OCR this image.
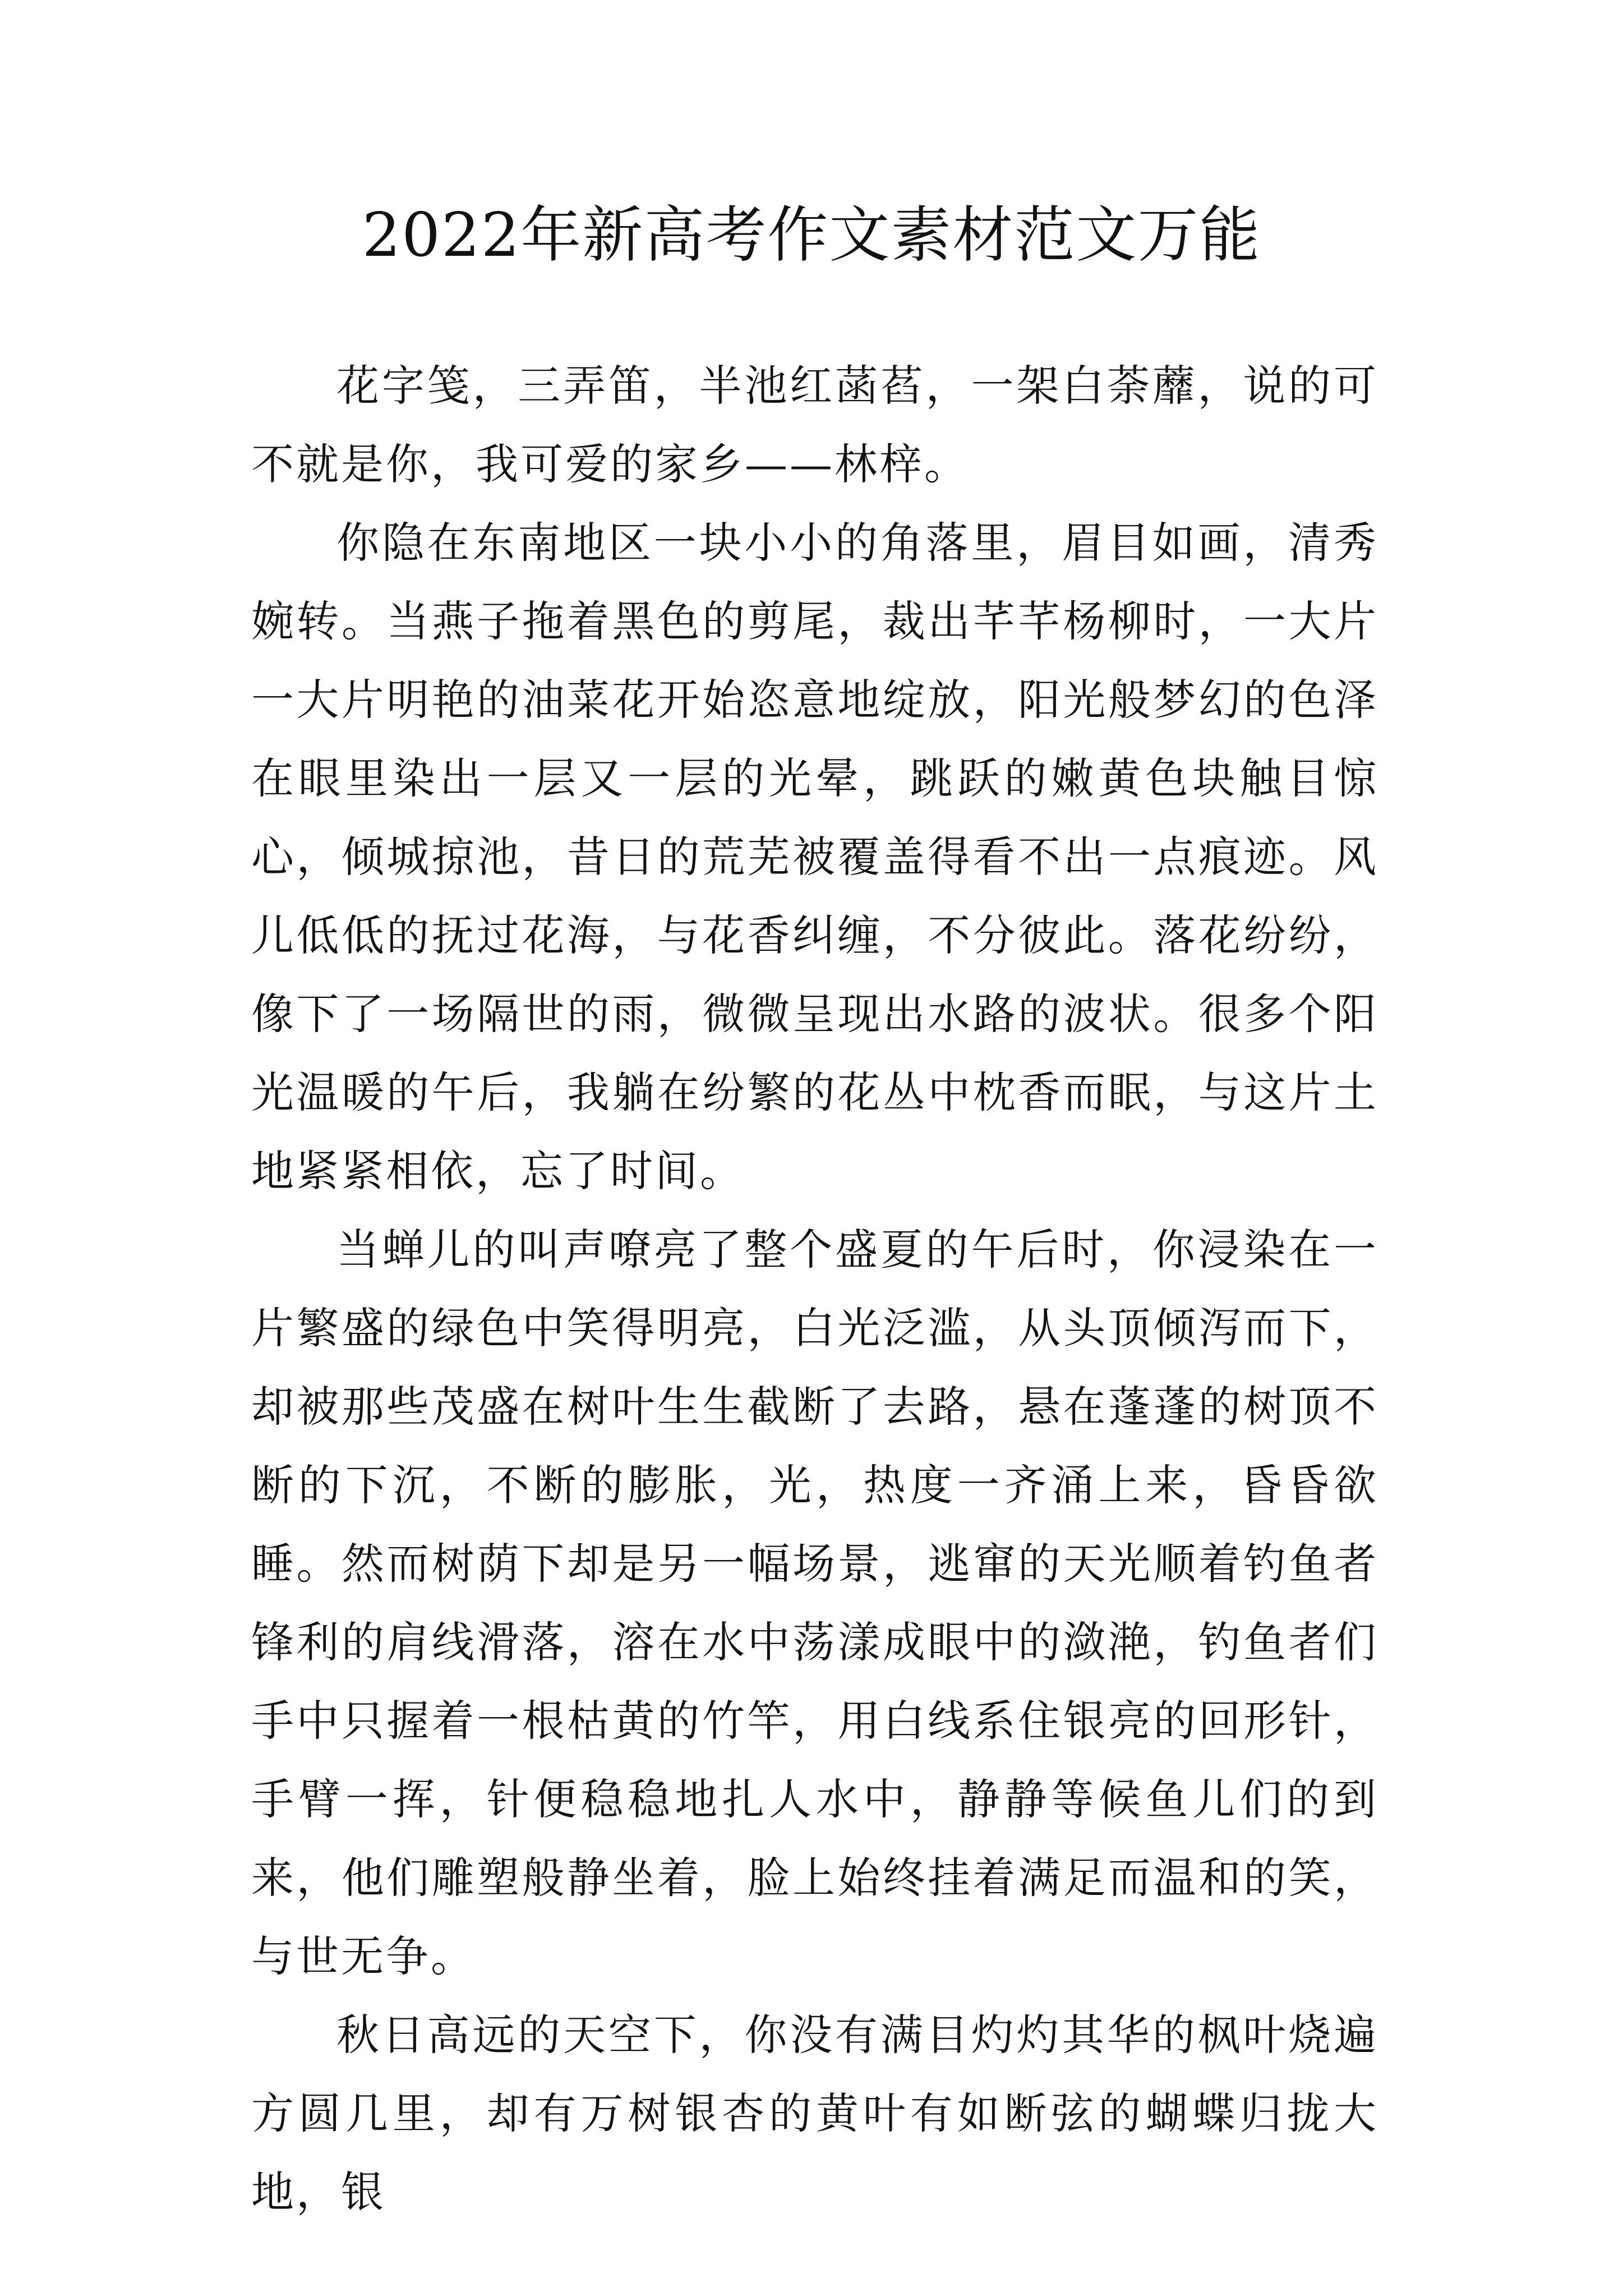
2022年新高考作文素材范文万能

花字笺，三弄笛，半池红菡萏，一架白荼蘼，说的可不就是你，我可爱的家乡——林梓。

你隐在东南地区一块小小的角落里，眉目如画，清秀婉转。当燕子拖着黑色的剪尾，裁出芊芊杨柳时，一大片一大片明艳的油菜花开始恣意地绽放，阳光般梦幻的色泽在眼里染出一层又一层的光晕，跳跃的嫩黄色块触目惊心，倾城掠池，昔日的荒芜被覆盖得看不出一点痕迹。风儿低低的抚过花海，与花香纠缠，不分彼此。落花纷纷，像下了一场隔世的雨，微微呈现出水路的波状。很多个阳光温暖的午后，我躺在纷繁的花丛中枕香而眠，与这片土地紧紧相依，忘了时间。

当蝉儿的叫声嘹亮了整个盛夏的午后时，你浸染在一片繁盛的绿色中笑得明亮，白光泛滥，从头顶倾泻而下，却被那些茂盛在树叶生生截断了去路，悬在蓬蓬的树顶不断的下沉，不断的膨胀，光，热度一齐涌上来，昏昏欲睡。然而树荫下却是另一幅场景，逃窜的天光顺着钓鱼者锋利的肩线滑落，溶在水中荡漾成眼中的潋滟，钓鱼者们手中只握着一根枯黄的竹竿，用白线系住银亮的回形针，手臂一挥，针便稳稳地扎人水中，静静等候鱼儿们的到来，他们雕塑般静坐着，脸上始终挂着满足而温和的笑，与世无争。

秋日高远的天空下，你没有满目灼灼其华的枫叶烧遍方圆几里，却有万树银杏的黄叶有如断弦的蝴蝶归拢大地，银
